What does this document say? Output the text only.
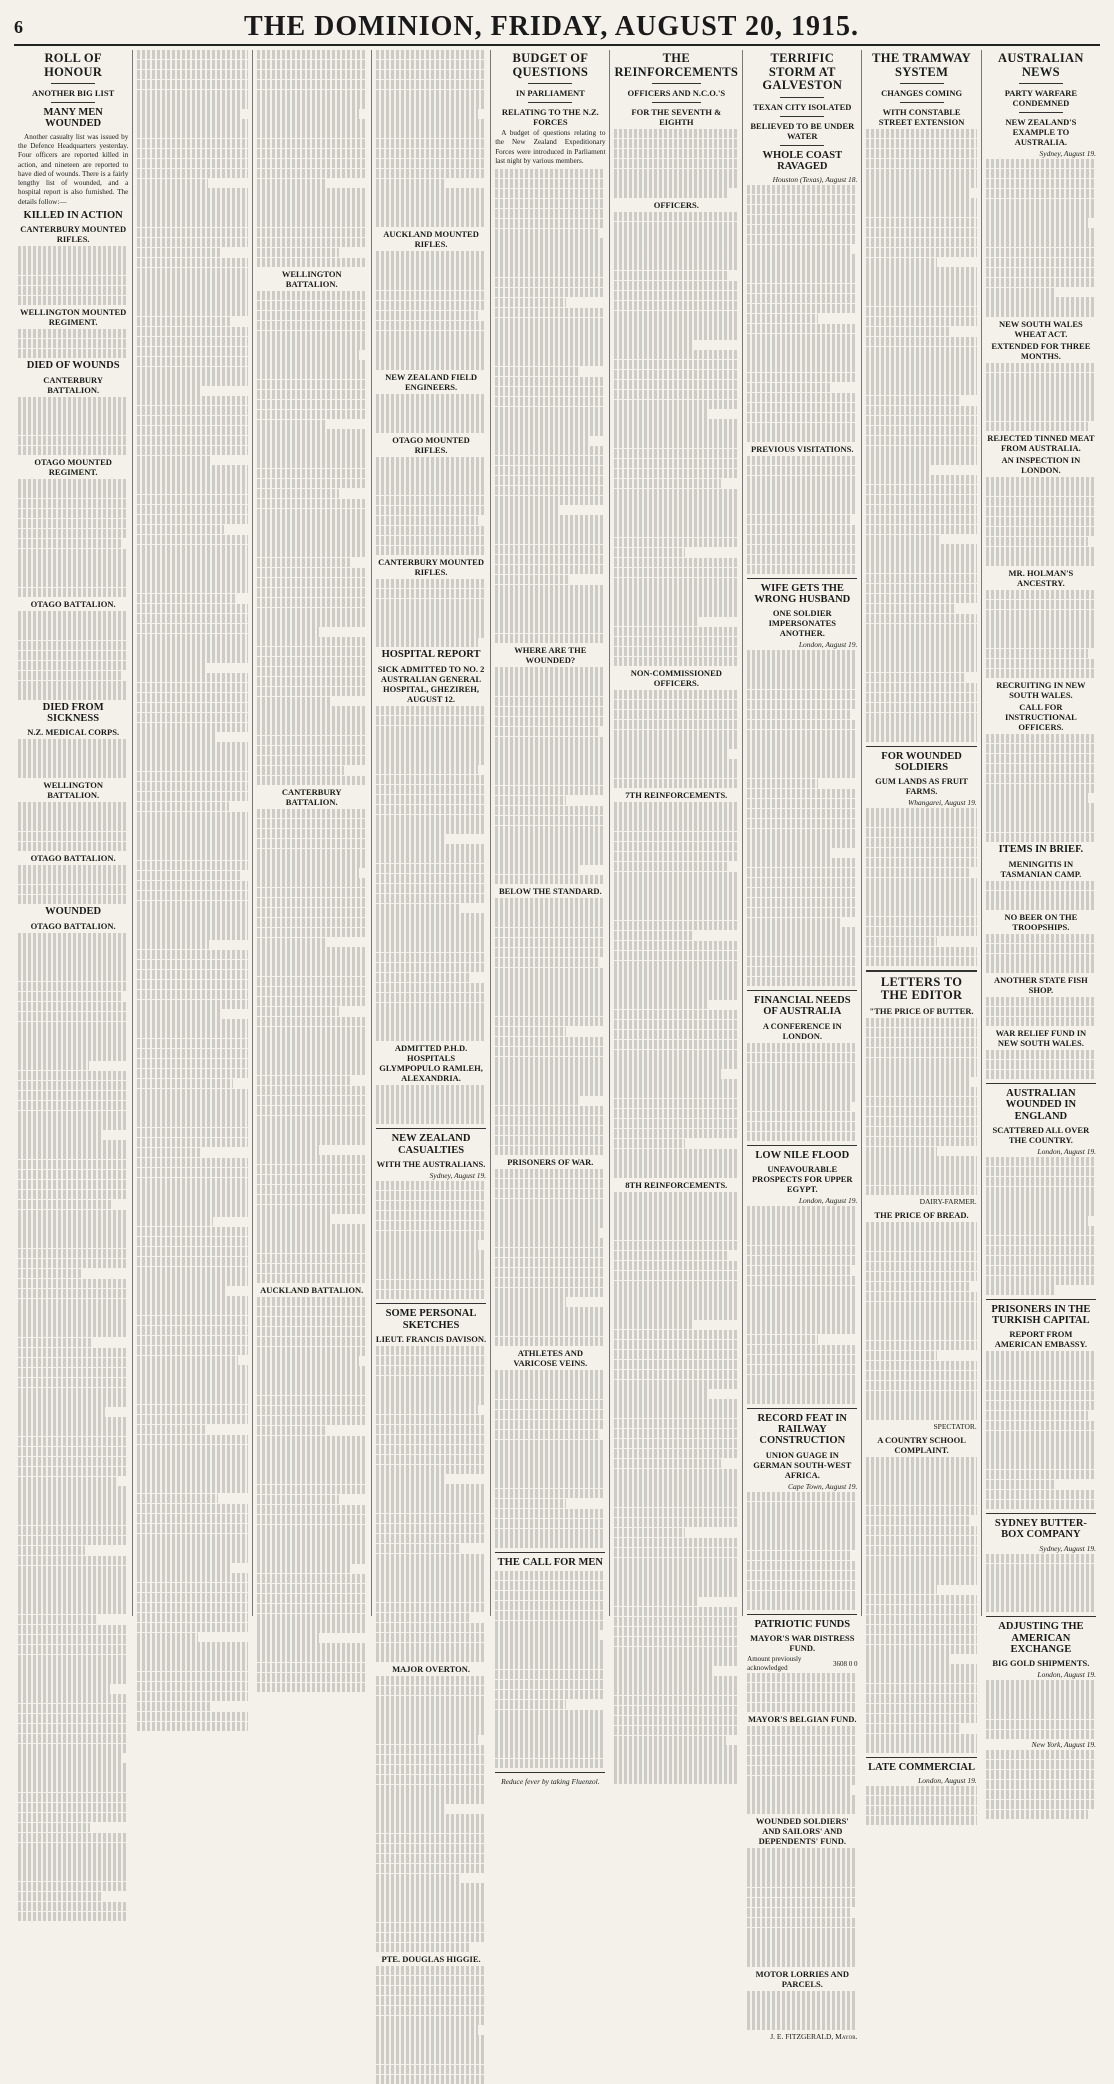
6	THE DOMINION, FRIDAY, AUGUST 20, 1915.
ROLL OF HONOUR
ANOTHER BIG LIST
MANY MEN WOUNDED

Another casualty list was issued by the Defence Headquarters yesterday. Four officers are reported killed in action, and nineteen are reported to have died of wounds. There is a fairly lengthy list of wounded, and a hospital report is also furnished. The details follow:—

KILLED IN ACTION
CANTERBURY MOUNTED RIFLES.
WELLINGTON MOUNTED REGIMENT.
DIED OF WOUNDS
CANTERBURY BATTALION.
OTAGO MOUNTED REGIMENT.
OTAGO BATTALION.
DIED FROM SICKNESS
N.Z. MEDICAL CORPS.
WELLINGTON BATTALION.
OTAGO BATTALION.
WOUNDED
OTAGO BATTALION.
WELLINGTON BATTALION.
CANTERBURY BATTALION.
AUCKLAND BATTALION.
AUCKLAND MOUNTED RIFLES.
NEW ZEALAND FIELD ENGINEERS.
OTAGO MOUNTED RIFLES.
CANTERBURY MOUNTED RIFLES.
HOSPITAL REPORT
SICK ADMITTED TO NO. 2 AUSTRALIAN GENERAL HOSPITAL, GHEZIREH, AUGUST 12.
ADMITTED P.H.D. HOSPITALS GLYMPOPULO RAMLEH, ALEXANDRIA.
NEW ZEALAND CASUALTIES
WITH THE AUSTRALIANS.
Sydney, August 19.
SOME PERSONAL SKETCHES
LIEUT. FRANCIS DAVISON.
MAJOR OVERTON.
PTE. DOUGLAS HIGGIE.
BUDGET OF QUESTIONS
IN PARLIAMENT
RELATING TO THE N.Z. FORCES

A budget of questions relating to the New Zealand Expeditionary Forces were introduced in Parliament last night by various members.

WHERE ARE THE WOUNDED?
BELOW THE STANDARD.
PRISONERS OF WAR.
ATHLETES AND VARICOSE VEINS.
THE CALL FOR MEN
Reduce fever by taking Fluenzol.
THE REINFORCEMENTS
OFFICERS AND N.C.O.'S
FOR THE SEVENTH & EIGHTH
OFFICERS.
NON-COMMISSIONED OFFICERS.
7TH REINFORCEMENTS.
8TH REINFORCEMENTS.
TERRIFIC STORM AT GALVESTON
TEXAN CITY ISOLATED
BELIEVED TO BE UNDER WATER
WHOLE COAST RAVAGED
Houston (Texas), August 18.
PREVIOUS VISITATIONS.
WIFE GETS THE WRONG HUSBAND
ONE SOLDIER IMPERSONATES ANOTHER.
London, August 19.
FINANCIAL NEEDS OF AUSTRALIA
A CONFERENCE IN LONDON.
LOW NILE FLOOD
UNFAVOURABLE PROSPECTS FOR UPPER EGYPT.
London, August 19.
RECORD FEAT IN RAILWAY CONSTRUCTION
UNION GUAGE IN GERMAN SOUTH-WEST AFRICA.
Cape Town, August 19.
PATRIOTIC FUNDS
MAYOR'S WAR DISTRESS FUND.
Amount previously acknowledged	3608 0 0
MAYOR'S BELGIAN FUND.
WOUNDED SOLDIERS' AND SAILORS' AND DEPENDENTS' FUND.
MOTOR LORRIES AND PARCELS.
J. E. FITZGERALD, Mayor.
THE TRAMWAY SYSTEM
CHANGES COMING
WITH CONSTABLE STREET EXTENSION
FOR WOUNDED SOLDIERS
GUM LANDS AS FRUIT FARMS.
Whangarei, August 19.
LETTERS TO THE EDITOR
"THE PRICE OF BUTTER.
DAIRY-FARMER.
THE PRICE OF BREAD.
SPECTATOR.
A COUNTRY SCHOOL COMPLAINT.
LATE COMMERCIAL
London, August 19.
AUSTRALIAN NEWS
PARTY WARFARE CONDEMNED
NEW ZEALAND'S EXAMPLE TO AUSTRALIA.
Sydney, August 19.
NEW SOUTH WALES WHEAT ACT.
EXTENDED FOR THREE MONTHS.
REJECTED TINNED MEAT FROM AUSTRALIA.
AN INSPECTION IN LONDON.
MR. HOLMAN'S ANCESTRY.
RECRUITING IN NEW SOUTH WALES.
CALL FOR INSTRUCTIONAL OFFICERS.
ITEMS IN BRIEF.
MENINGITIS IN TASMANIAN CAMP.
NO BEER ON THE TROOPSHIPS.
ANOTHER STATE FISH SHOP.
WAR RELIEF FUND IN NEW SOUTH WALES.
AUSTRALIAN WOUNDED IN ENGLAND
SCATTERED ALL OVER THE COUNTRY.
London, August 19.
PRISONERS IN THE TURKISH CAPITAL
REPORT FROM AMERICAN EMBASSY.
SYDNEY BUTTER-BOX COMPANY
Sydney, August 19.
ADJUSTING THE AMERICAN EXCHANGE
BIG GOLD SHIPMENTS.
London, August 19.
New York, August 19.
